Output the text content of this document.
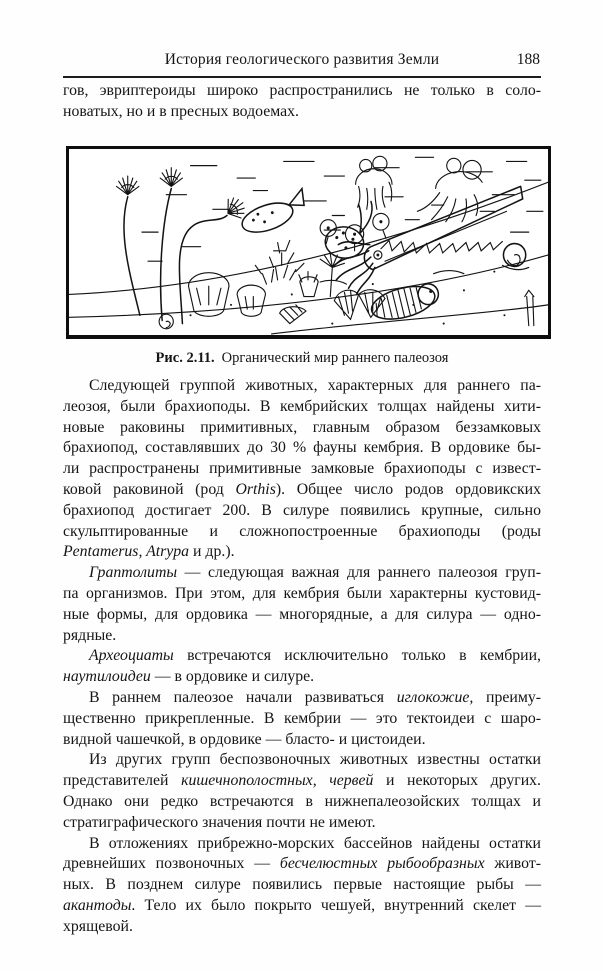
История геологического развития Земли	188
гов, эвриптероиды широко распространились не только в соло-
новатых, но и в пресных водоемах.
Рис. 2.11. Органический мир раннего палеозоя
Следующей группой животных, характерных для раннего па-
леозоя, были брахиоподы. В кембрийских толщах найдены хити-
новые раковины примитивных, главным образом беззамковых
брахиопод, составлявших до 30 % фауны кембрия. В ордовике бы-
ли распространены примитивные замковые брахиоподы с извест-
ковой раковиной (род Orthis). Общее число родов ордовикских
брахиопод достигает 200. В силуре появились крупные, сильно
скульптированные и сложнопостроенные брахиоподы (роды
Pentamerus, Atrypa и др.).
Граптолиты — следующая важная для раннего палеозоя груп-
па организмов. При этом, для кембрия были характерны кустовид-
ные формы, для ордовика — многорядные, а для силура — одно-
рядные.
Археоциаты встречаются исключительно только в кембрии,
наутилоидеи — в ордовике и силуре.
В раннем палеозое начали развиваться иглокожие, преиму-
щественно прикрепленные. В кембрии — это тектоидеи с шаро-
видной чашечкой, в ордовике — бласто- и цистоидеи.
Из других групп беспозвоночных животных известны остатки
представителей кишечнополостных, червей и некоторых других.
Однако они редко встречаются в нижнепалеозойских толщах и
стратиграфического значения почти не имеют.
В отложениях прибрежно-морских бассейнов найдены остатки
древнейших позвоночных — бесчелюстных рыбообразных живот-
ных. В позднем силуре появились первые настоящие рыбы —
акантоды. Тело их было покрыто чешуей, внутренний скелет —
хрящевой.
